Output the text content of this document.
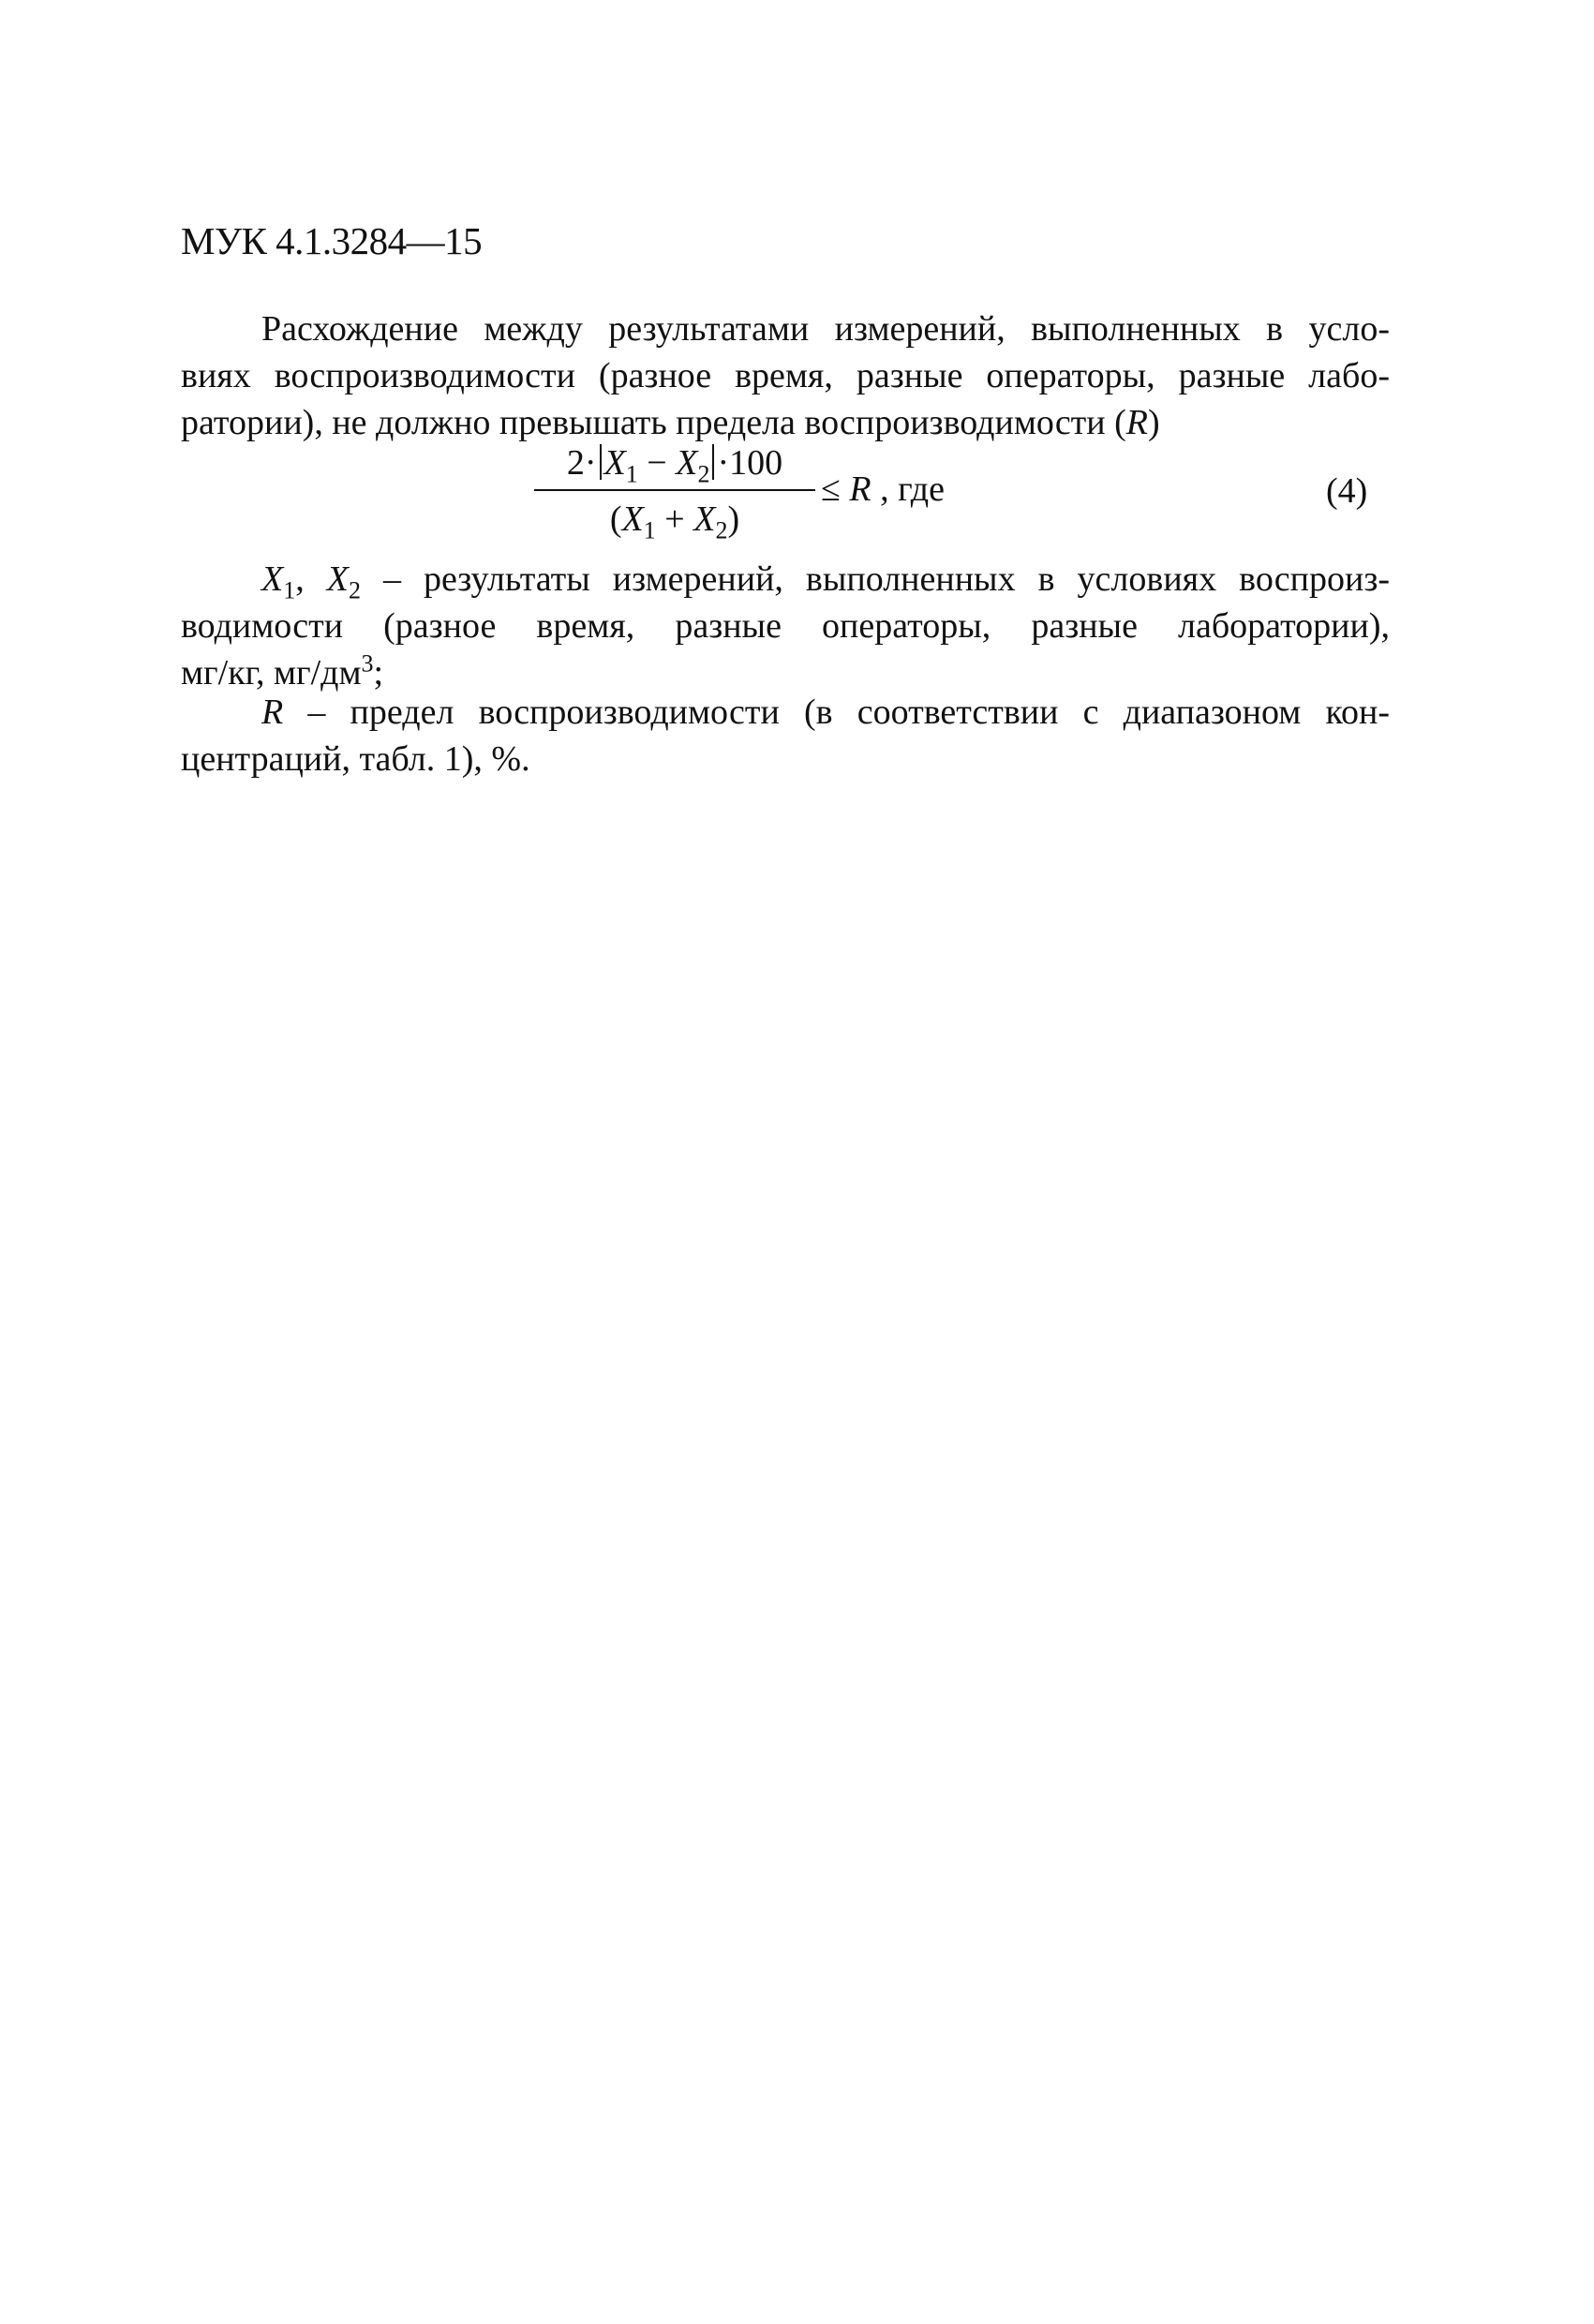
МУК 4.1.3284—15
Расхождение между результатами измерений, выполненных в усло-
виях воспроизводимости (разное время, разные операторы, разные лабо-
ратории), не должно превышать предела воспроизводимости (R)
$2\cdot X_1 - X_2 \cdot 100$
$(X_1 + X_2)$
≤ R , где	(4)
$X_1$, $X_2$ – результаты измерений, выполненных в условиях воспроиз-
водимости (разное время, разные операторы, разные лаборатории),
мг/кг, $мг/дм^3$;
R – предел воспроизводимости (в соответствии с диапазоном кон-
центраций, табл. 1), %.
